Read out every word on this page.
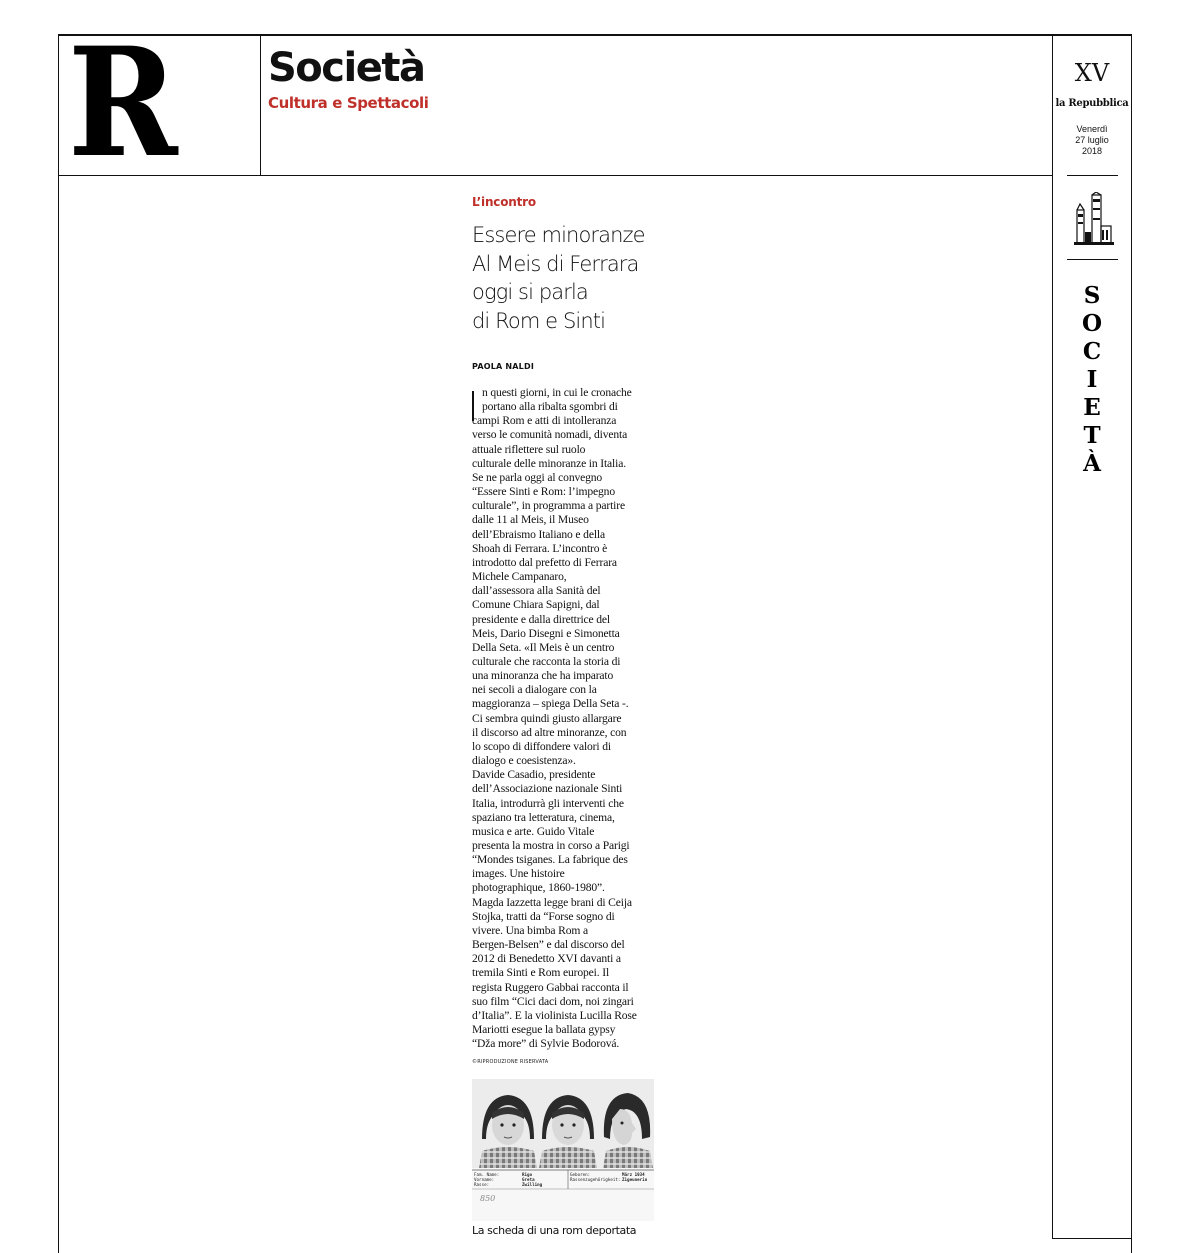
R Società
Cultura e Spettacoli
XV
la Repubblica
Venerdì
27 luglio
2018
S
O
C
I
E
T
À
L’incontro
Essere minoranze
Al Meis di Ferrara
oggi si parla
di Rom e Sinti
PAOLA NALDI
n questi giorni, in cui le cronache
portano alla ribalta sgombri di
campi Rom e atti di intolleranza
verso le comunità nomadi, diventa
attuale riflettere sul ruolo
culturale delle minoranze in Italia.
Se ne parla oggi al convegno
“Essere Sinti e Rom: l’impegno
culturale”, in programma a partire
dalle 11 al Meis, il Museo
dell’Ebraismo Italiano e della
Shoah di Ferrara. L’incontro è
introdotto dal prefetto di Ferrara
Michele Campanaro,
dall’assessora alla Sanità del
Comune Chiara Sapigni, dal
presidente e dalla direttrice del
Meis, Dario Disegni e Simonetta
Della Seta. «Il Meis è un centro
culturale che racconta la storia di
una minoranza che ha imparato
nei secoli a dialogare con la
maggioranza – spiega Della Seta -.
Ci sembra quindi giusto allargare
il discorso ad altre minoranze, con
lo scopo di diffondere valori di
dialogo e coesistenza».
Davide Casadio, presidente
dell’Associazione nazionale Sinti
Italia, introdurrà gli interventi che
spaziano tra letteratura, cinema,
musica e arte. Guido Vitale
presenta la mostra in corso a Parigi
“Mondes tsiganes. La fabrique des
images. Une histoire
photographique, 1860-1980”.
Magda Iazzetta legge brani di Ceija
Stojka, tratti da “Forse sogno di
vivere. Una bimba Rom a
Bergen-Belsen” e dal discorso del
2012 di Benedetto XVI davanti a
tremila Sinti e Rom europei. Il
regista Ruggero Gabbai racconta il
suo film “Cici daci dom, noi zingari
d’Italia”. E la violinista Lucilla Rose
Mariotti esegue la ballata gypsy
“Dža more” di Sylvie Bodorová.
©RIPRODUZIONE RISERVATA
Fam. Name:
Vorname:
Rasse:
Rigo
Greta
Zwilling
Geboren:
Rassenzugehörigkeit:
März 1934
Zigeunerin
850
La scheda di una rom deportata
